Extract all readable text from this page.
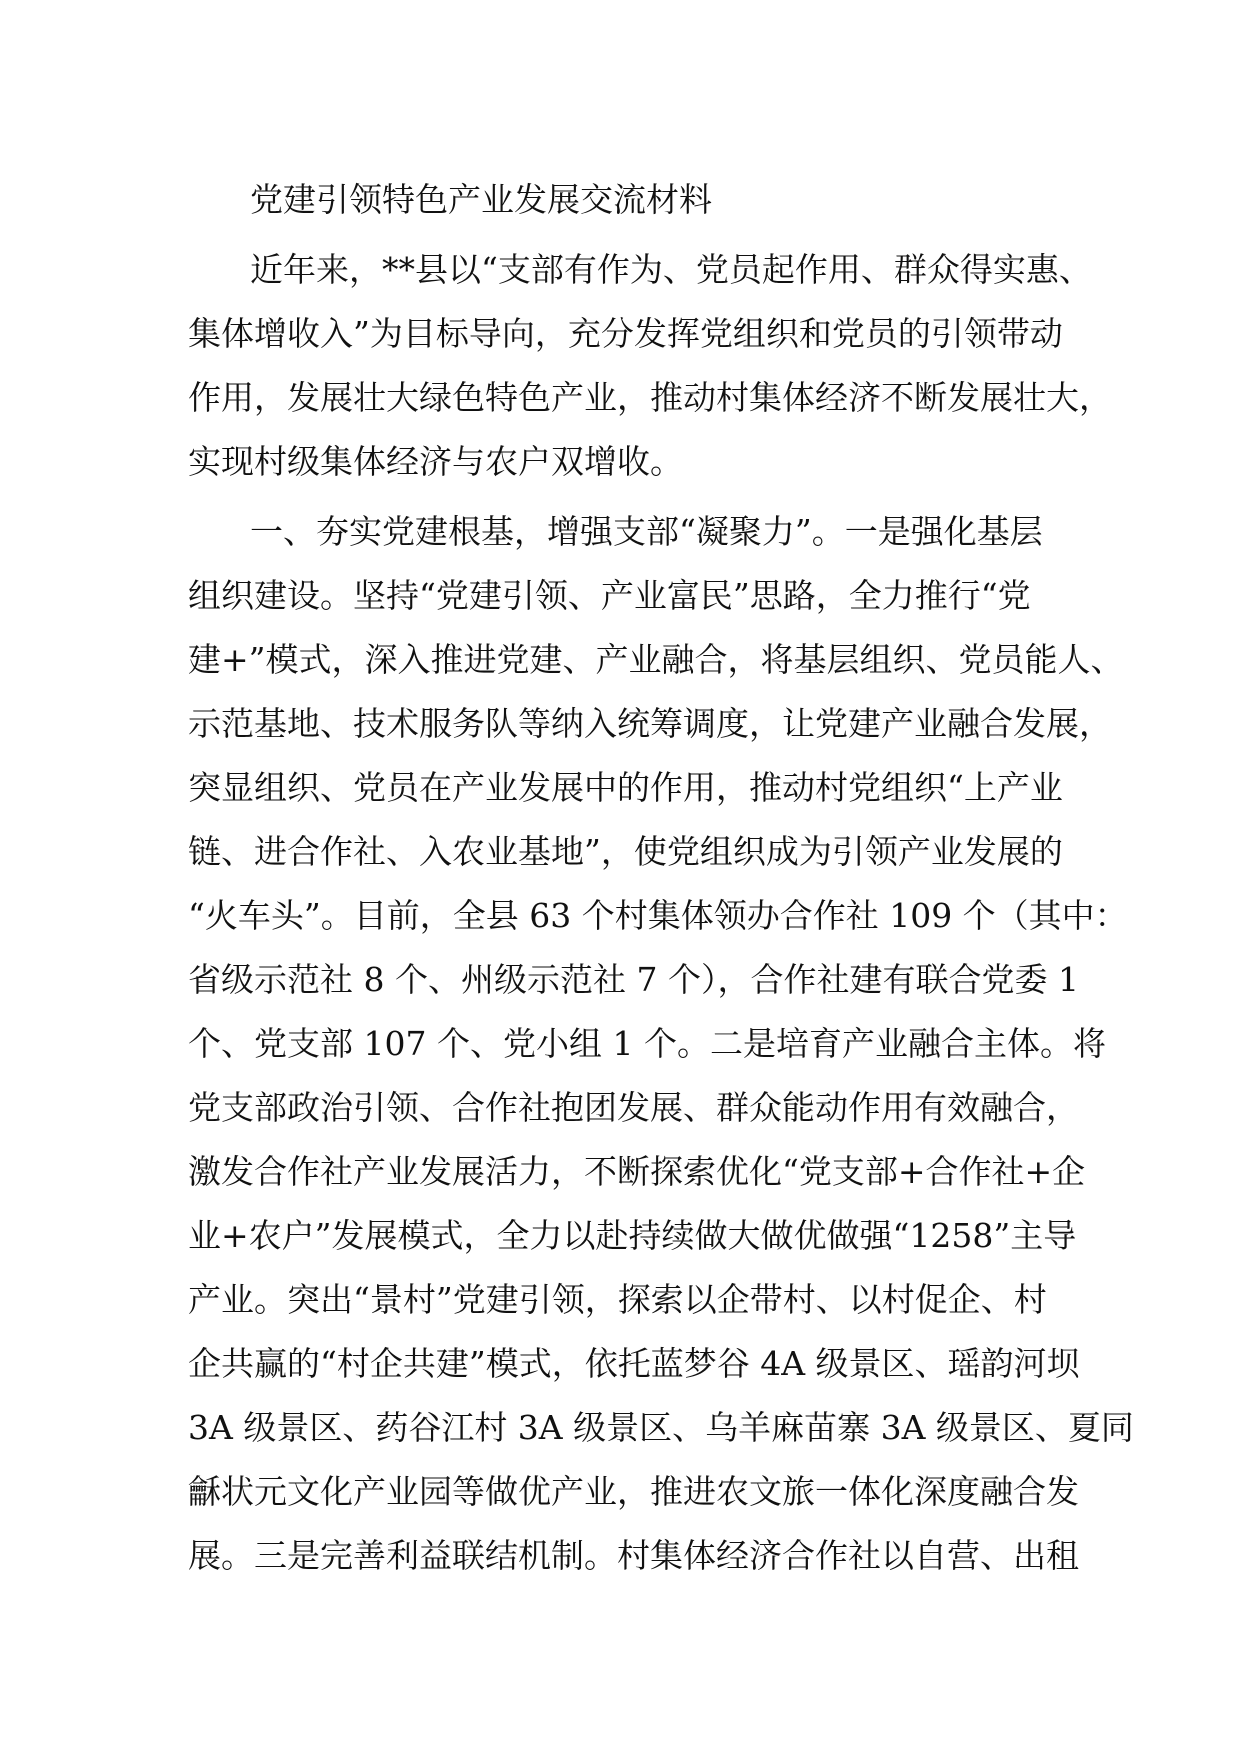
党建引领特色产业发展交流材料

近年来，**县以“支部有作为、党员起作用、群众得实惠、

集体增收入”为目标导向，充分发挥党组织和党员的引领带动

作用，发展壮大绿色特色产业，推动村集体经济不断发展壮大，

实现村级集体经济与农户双增收。

一、夯实党建根基，增强支部“凝聚力”。一是强化基层

组织建设。坚持“党建引领、产业富民”思路，全力推行“党

建+”模式，深入推进党建、产业融合，将基层组织、党员能人、

示范基地、技术服务队等纳入统筹调度，让党建产业融合发展，

突显组织、党员在产业发展中的作用，推动村党组织“上产业

链、进合作社、入农业基地”，使党组织成为引领产业发展的

“火车头”。目前，全县 63 个村集体领办合作社 109 个（其中：

省级示范社 8 个、州级示范社 7 个），合作社建有联合党委 1

个、党支部 107 个、党小组 1 个。二是培育产业融合主体。将

党支部政治引领、合作社抱团发展、群众能动作用有效融合，

激发合作社产业发展活力，不断探索优化“党支部+合作社+企

业+农户”发展模式，全力以赴持续做大做优做强“1258”主导

产业。突出“景村”党建引领，探索以企带村、以村促企、村

企共赢的“村企共建”模式，依托蓝梦谷 4A 级景区、瑶韵河坝

3A 级景区、药谷江村 3A 级景区、乌羊麻苗寨 3A 级景区、夏同

龢状元文化产业园等做优产业，推进农文旅一体化深度融合发

展。三是完善利益联结机制。村集体经济合作社以自营、出租
